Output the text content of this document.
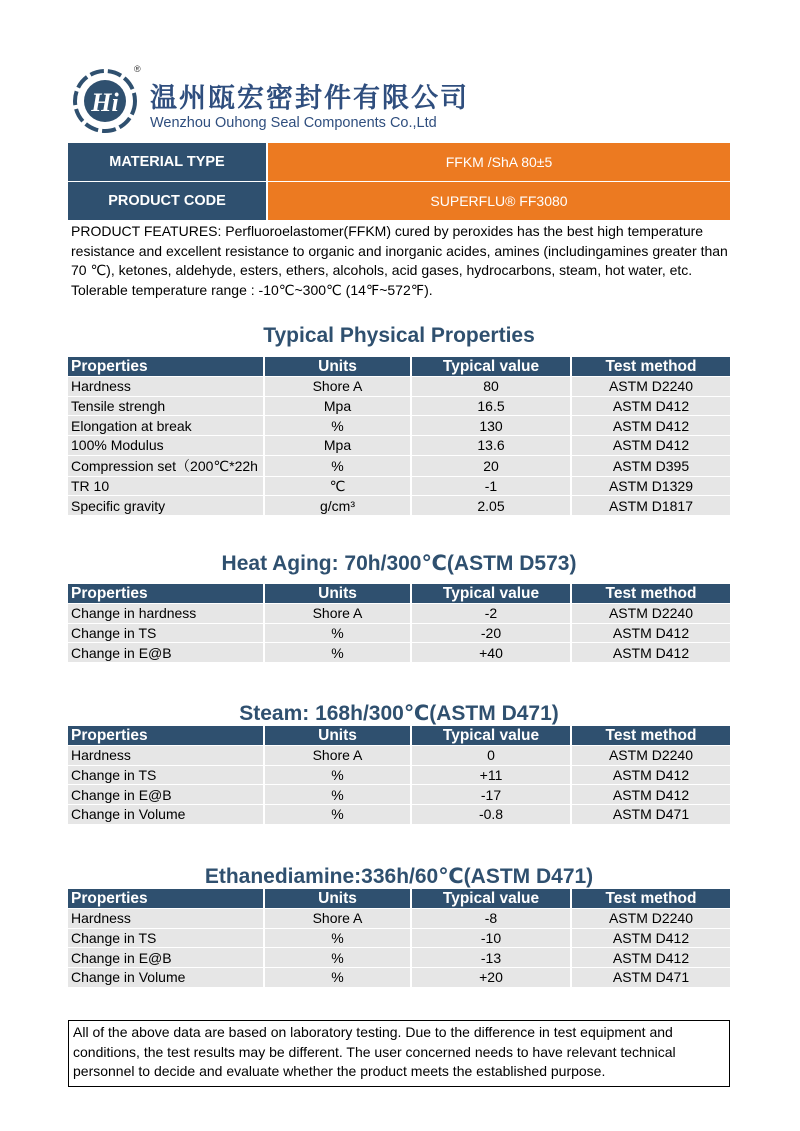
Hi
®
温州瓯宏密封件有限公司
Wenzhou Ouhong Seal Components Co.,Ltd
MATERIAL TYPE	FFKM /ShA 80±5
PRODUCT CODE	SUPERFLU® FF3080
PRODUCT FEATURES: Perfluoroelastomer(FFKM) cured by peroxides has the best high temperature resistance and excellent resistance to organic and inorganic acides, amines (includingamines greater than 70 ℃), ketones, aldehyde, esters, ethers, alcohols, acid gases, hydrocarbons, steam, hot water, etc. Tolerable temperature range : -10℃~300℃ (14℉~572℉).
Typical Physical Properties
Heat Aging: 70h/300℃(ASTM D573)
Steam: 168h/300℃(ASTM D471)
Ethanediamine:336h/60℃(ASTM D471)
Properties	Units	Typical value	Test method
Hardness	Shore A	80	ASTM D2240
Tensile strengh	Mpa	16.5	ASTM D412
Elongation at break	%	130	ASTM D412
100% Modulus	Mpa	13.6	ASTM D412
Compression set（200℃*22h	%	20	ASTM D395
TR 10	℃	-1	ASTM D1329
Specific gravity	g/cm³	2.05	ASTM D1817
Properties	Units	Typical value	Test method
Change in hardness	Shore A	-2	ASTM D2240
Change in TS	%	-20	ASTM D412
Change in E@B	%	+40	ASTM D412
Properties	Units	Typical value	Test method
Hardness	Shore A	0	ASTM D2240
Change in TS	%	+11	ASTM D412
Change in E@B	%	-17	ASTM D412
Change in Volume	%	-0.8	ASTM D471
Properties	Units	Typical value	Test method
Hardness	Shore A	-8	ASTM D2240
Change in TS	%	-10	ASTM D412
Change in E@B	%	-13	ASTM D412
Change in Volume	%	+20	ASTM D471
All of the above data are based on laboratory testing. Due to the difference in test equipment and conditions, the test results may be different. The user concerned needs to have relevant technical personnel to decide and evaluate whether the product meets the established purpose.
